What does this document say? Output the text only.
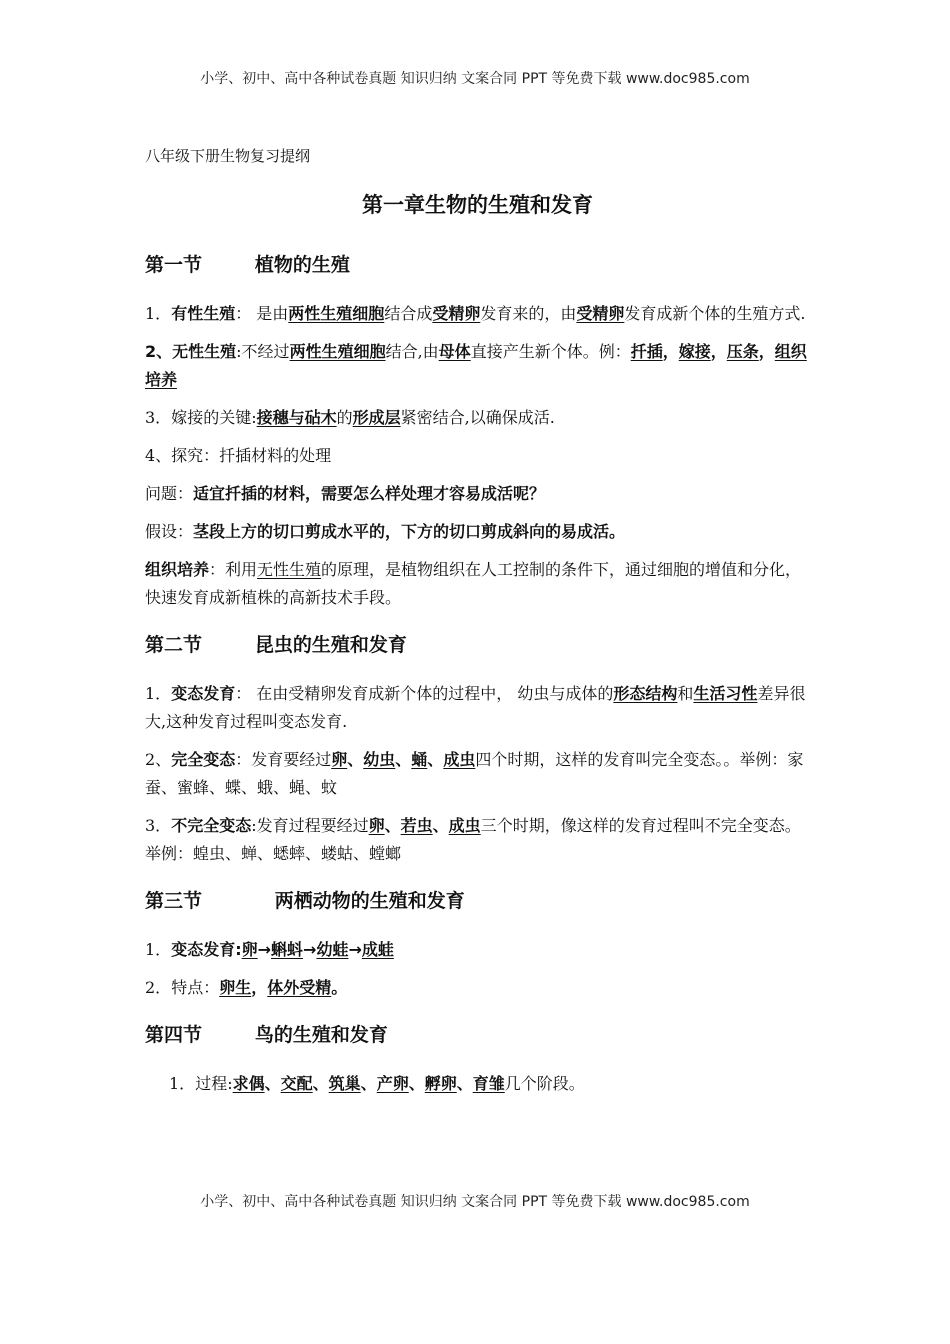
小学、初中、高中各种试卷真题 知识归纳 文案合同 PPT 等免费下载 www.doc985.com
八年级下册生物复习提纲
第一章生物的生殖和发育
第一节        植物的生殖

1．有性生殖： 是由两性生殖细胞结合成受精卵发育来的，由受精卵发育成新个体的生殖方式.

2、无性生殖:不经过两性生殖细胞结合,由母体直接产生新个体。例：扦插，嫁接，压条，组织培养

3．嫁接的关键:接穗与砧木的形成层紧密结合,以确保成活.

4、探究：扦插材料的处理

问题：适宜扦插的材料，需要怎么样处理才容易成活呢？

假设：茎段上方的切口剪成水平的，下方的切口剪成斜向的易成活。

组织培养：利用无性生殖的原理，是植物组织在人工控制的条件下，通过细胞的增值和分化，快速发育成新植株的高新技术手段。

第二节        昆虫的生殖和发育

1．变态发育： 在由受精卵发育成新个体的过程中， 幼虫与成体的形态结构和生活习性差异很大,这种发育过程叫变态发育.

2、完全变态：发育要经过卵、幼虫、蛹、成虫四个时期，这样的发育叫完全变态。。举例：家蚕、蜜蜂、蝶、蛾、蝇、蚊

3．不完全变态:发育过程要经过卵、若虫、成虫三个时期，像这样的发育过程叫不完全变态。举例：蝗虫、蝉、蟋蟀、蝼蛄、螳螂

第三节           两栖动物的生殖和发育

1．变态发育:卵→蝌蚪→幼蛙→成蛙

2．特点：卵生，体外受精。

第四节        鸟的生殖和发育

1．过程:求偶、交配、筑巢、产卵、孵卵、育雏几个阶段。

小学、初中、高中各种试卷真题 知识归纳 文案合同 PPT 等免费下载 www.doc985.com
